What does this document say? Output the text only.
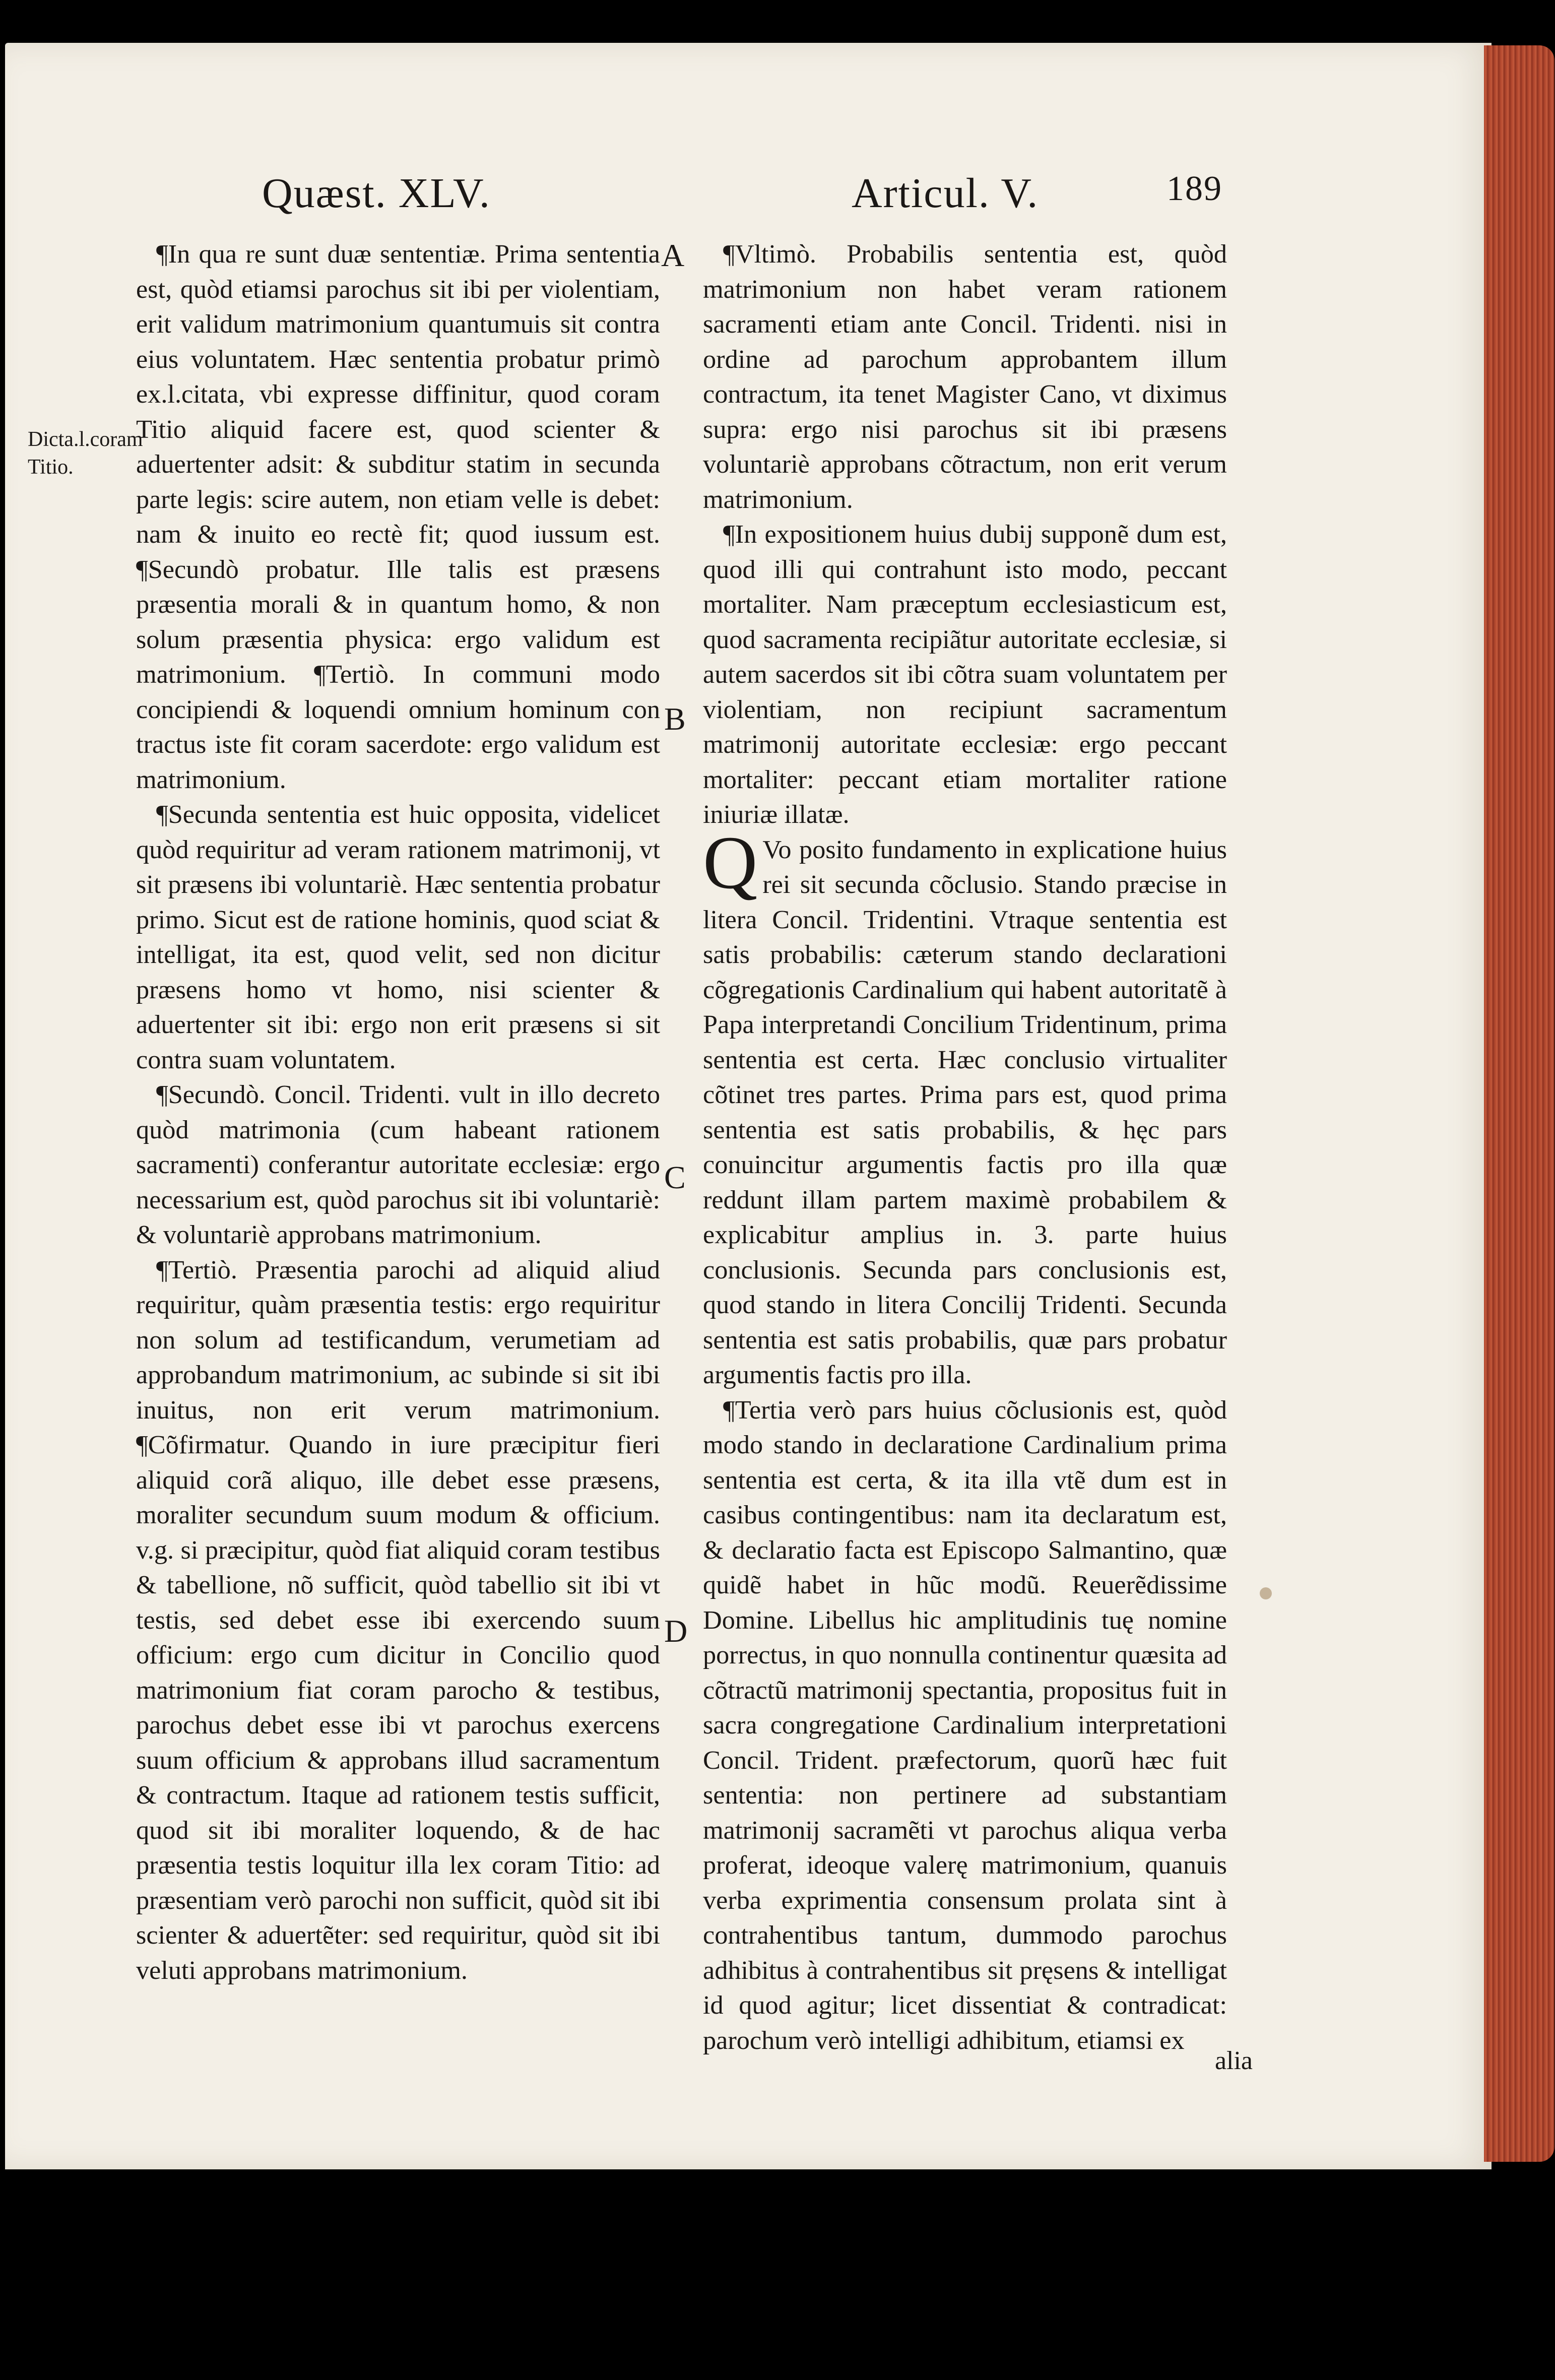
Quæst. XLV.	Articul. V.	189
Dicta.l.coram Titio.
A
B
C
D

¶In qua re sunt duæ sententiæ. Prima sententia est, quòd etiamsi parochus sit ibi per violentiam, erit validum matrimonium quantumuis sit contra eius voluntatem. Hæc sententia probatur primò ex.l.citata, vbi expresse diffinitur, quod coram Titio aliquid facere est, quod scienter & aduertenter adsit: & subditur statim in secunda parte legis: scire autem, non etiam velle is debet: nam & inuito eo rectè fit; quod iussum est. ¶Secundò probatur. Ille talis est præsens præsentia morali & in quantum homo, & non solum præsentia physica: ergo validum est matrimonium. ¶Tertiò. In communi modo concipiendi & loquendi omnium hominum con tractus iste fit coram sacerdote: ergo validum est matrimonium.

¶Secunda sententia est huic opposita, videlicet quòd requiritur ad veram rationem matrimonij, vt sit præsens ibi voluntariè. Hæc sententia probatur primo. Sicut est de ratione hominis, quod sciat & intelligat, ita est, quod velit, sed non dicitur præsens homo vt homo, nisi scienter & aduertenter sit ibi: ergo non erit præsens si sit contra suam voluntatem.

¶Secundò. Concil. Tridenti. vult in illo decreto quòd matrimonia (cum habeant rationem sacramenti) conferantur autoritate ecclesiæ: ergo necessarium est, quòd parochus sit ibi voluntariè: & voluntariè approbans matrimonium.

¶Tertiò. Præsentia parochi ad aliquid aliud requiritur, quàm præsentia testis: ergo requiritur non solum ad testificandum, verumetiam ad approbandum matrimonium, ac subinde si sit ibi inuitus, non erit verum matrimonium. ¶Cõfirmatur. Quando in iure præcipitur fieri aliquid corã aliquo, ille debet esse præsens, moraliter secundum suum modum & officium. v.g. si præcipitur, quòd fiat aliquid coram testibus & tabellione, nõ sufficit, quòd tabellio sit ibi vt testis, sed debet esse ibi exercendo suum officium: ergo cum dicitur in Concilio quod matrimonium fiat coram parocho & testibus, parochus debet esse ibi vt parochus exercens suum officium & approbans illud sacramentum & contractum. Itaque ad rationem testis sufficit, quod sit ibi moraliter loquendo, & de hac præsentia testis loquitur illa lex coram Titio: ad præsentiam verò parochi non sufficit, quòd sit ibi scienter & aduertẽter: sed requiritur, quòd sit ibi veluti approbans matrimonium.

¶Vltimò. Probabilis sententia est, quòd matrimonium non habet veram rationem sacramenti etiam ante Concil. Tridenti. nisi in ordine ad parochum approbantem illum contractum, ita tenet Magister Cano, vt diximus supra: ergo nisi parochus sit ibi præsens voluntariè approbans cõtractum, non erit verum matrimonium.

¶In expositionem huius dubij supponẽ dum est, quod illi qui contrahunt isto modo, peccant mortaliter. Nam præceptum ecclesiasticum est, quod sacramenta recipiãtur autoritate ecclesiæ, si autem sacerdos sit ibi cõtra suam voluntatem per violentiam, non recipiunt sacramentum matrimonij autoritate ecclesiæ: ergo peccant mortaliter: peccant etiam mortaliter ratione iniuriæ illatæ.

Q Vo posito fundamento in explicatione huius rei sit secunda cõclusio. Stando præcise in litera Concil. Tridentini. Vtraque sententia est satis probabilis: cæterum stando declarationi cõgregationis Cardinalium qui habent autoritatẽ à Papa interpretandi Concilium Tridentinum, prima sententia est certa. Hæc conclusio virtualiter cõtinet tres partes. Prima pars est, quod prima sententia est satis probabilis, & hęc pars conuincitur argumentis factis pro illa quæ reddunt illam partem maximè probabilem & explicabitur amplius in. 3. parte huius conclusionis. Secunda pars conclusionis est, quod stando in litera Concilij Tridenti. Secunda sententia est satis probabilis, quæ pars probatur argumentis factis pro illa.

¶Tertia verò pars huius cõclusionis est, quòd modo stando in declaratione Cardinalium prima sententia est certa, & ita illa vtẽ dum est in casibus contingentibus: nam ita declaratum est, & declaratio facta est Episcopo Salmantino, quæ quidẽ habet in hũc modũ. Reuerẽdissime Domine. Libellus hic amplitudinis tuę nomine porrectus, in quo nonnulla continentur quæsita ad cõtractũ matrimonij spectantia, propositus fuit in sacra congregatione Cardinalium interpretationi Concil. Trident. præfectorum, quorũ hæc fuit sententia: non pertinere ad substantiam matrimonij sacramẽti vt parochus aliqua verba proferat, ideoque valerę matrimonium, quanuis verba exprimentia consensum prolata sint à contrahentibus tantum, dummodo parochus adhibitus à contrahentibus sit pręsens & intelligat id quod agitur; licet dissentiat & contradicat: parochum verò intelligi adhibitum, etiamsi ex

alia
